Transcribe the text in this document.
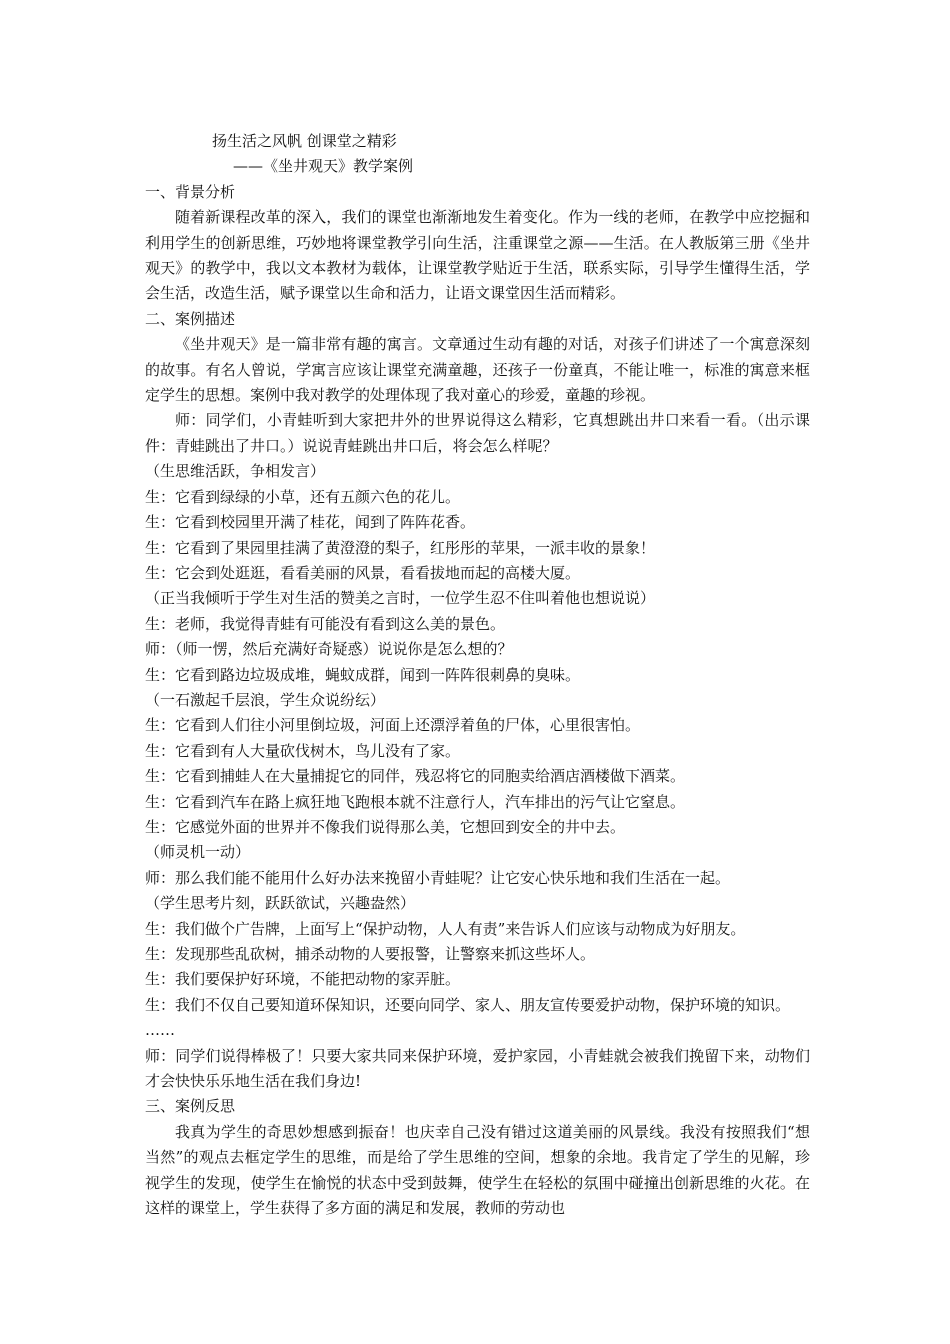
扬生活之风帆 创课堂之精彩
——《坐井观天》教学案例
一、背景分析
随着新课程改革的深入，我们的课堂也渐渐地发生着变化。作为一线的老师，在教学中应挖掘和利用学生的创新思维，巧妙地将课堂教学引向生活，注重课堂之源——生活。在人教版第三册《坐井观天》的教学中，我以文本教材为载体，让课堂教学贴近于生活，联系实际，引导学生懂得生活，学会生活，改造生活，赋予课堂以生命和活力，让语文课堂因生活而精彩。
二、案例描述
《坐井观天》是一篇非常有趣的寓言。文章通过生动有趣的对话，对孩子们讲述了一个寓意深刻的故事。有名人曾说，学寓言应该让课堂充满童趣，还孩子一份童真，不能让唯一，标准的寓意来框定学生的思想。案例中我对教学的处理体现了我对童心的珍爱，童趣的珍视。
师：同学们，小青蛙听到大家把井外的世界说得这么精彩，它真想跳出井口来看一看。（出示课件：青蛙跳出了井口。）说说青蛙跳出井口后，将会怎么样呢？
（生思维活跃，争相发言）
生：它看到绿绿的小草，还有五颜六色的花儿。
生：它看到校园里开满了桂花，闻到了阵阵花香。
生：它看到了果园里挂满了黄澄澄的梨子，红彤彤的苹果，一派丰收的景象！
生：它会到处逛逛，看看美丽的风景，看看拔地而起的高楼大厦。
（正当我倾听于学生对生活的赞美之言时，一位学生忍不住叫着他也想说说）
生：老师，我觉得青蛙有可能没有看到这么美的景色。
师：（师一愣，然后充满好奇疑惑）说说你是怎么想的？
生：它看到路边垃圾成堆，蝇蚊成群，闻到一阵阵很刺鼻的臭味。
（一石激起千层浪，学生众说纷纭）
生：它看到人们往小河里倒垃圾，河面上还漂浮着鱼的尸体，心里很害怕。
生：它看到有人大量砍伐树木，鸟儿没有了家。
生：它看到捕蛙人在大量捕捉它的同伴，残忍将它的同胞卖给酒店酒楼做下酒菜。
生：它看到汽车在路上疯狂地飞跑根本就不注意行人，汽车排出的污气让它窒息。
生：它感觉外面的世界并不像我们说得那么美，它想回到安全的井中去。
（师灵机一动）
师：那么我们能不能用什么好办法来挽留小青蛙呢？让它安心快乐地和我们生活在一起。
（学生思考片刻，跃跃欲试，兴趣盎然）
生：我们做个广告牌，上面写上“保护动物，人人有责”来告诉人们应该与动物成为好朋友。
生：发现那些乱砍树，捕杀动物的人要报警，让警察来抓这些坏人。
生：我们要保护好环境，不能把动物的家弄脏。
生：我们不仅自己要知道环保知识，还要向同学、家人、朋友宣传要爱护动物，保护环境的知识。
……
师：同学们说得棒极了！只要大家共同来保护环境，爱护家园，小青蛙就会被我们挽留下来，动物们才会快快乐乐地生活在我们身边!
三、案例反思
我真为学生的奇思妙想感到振奋！也庆幸自己没有错过这道美丽的风景线。我没有按照我们“想当然”的观点去框定学生的思维，而是给了学生思维的空间，想象的余地。我肯定了学生的见解，珍视学生的发现，使学生在愉悦的状态中受到鼓舞，使学生在轻松的氛围中碰撞出创新思维的火花。在这样的课堂上，学生获得了多方面的满足和发展，教师的劳动也
